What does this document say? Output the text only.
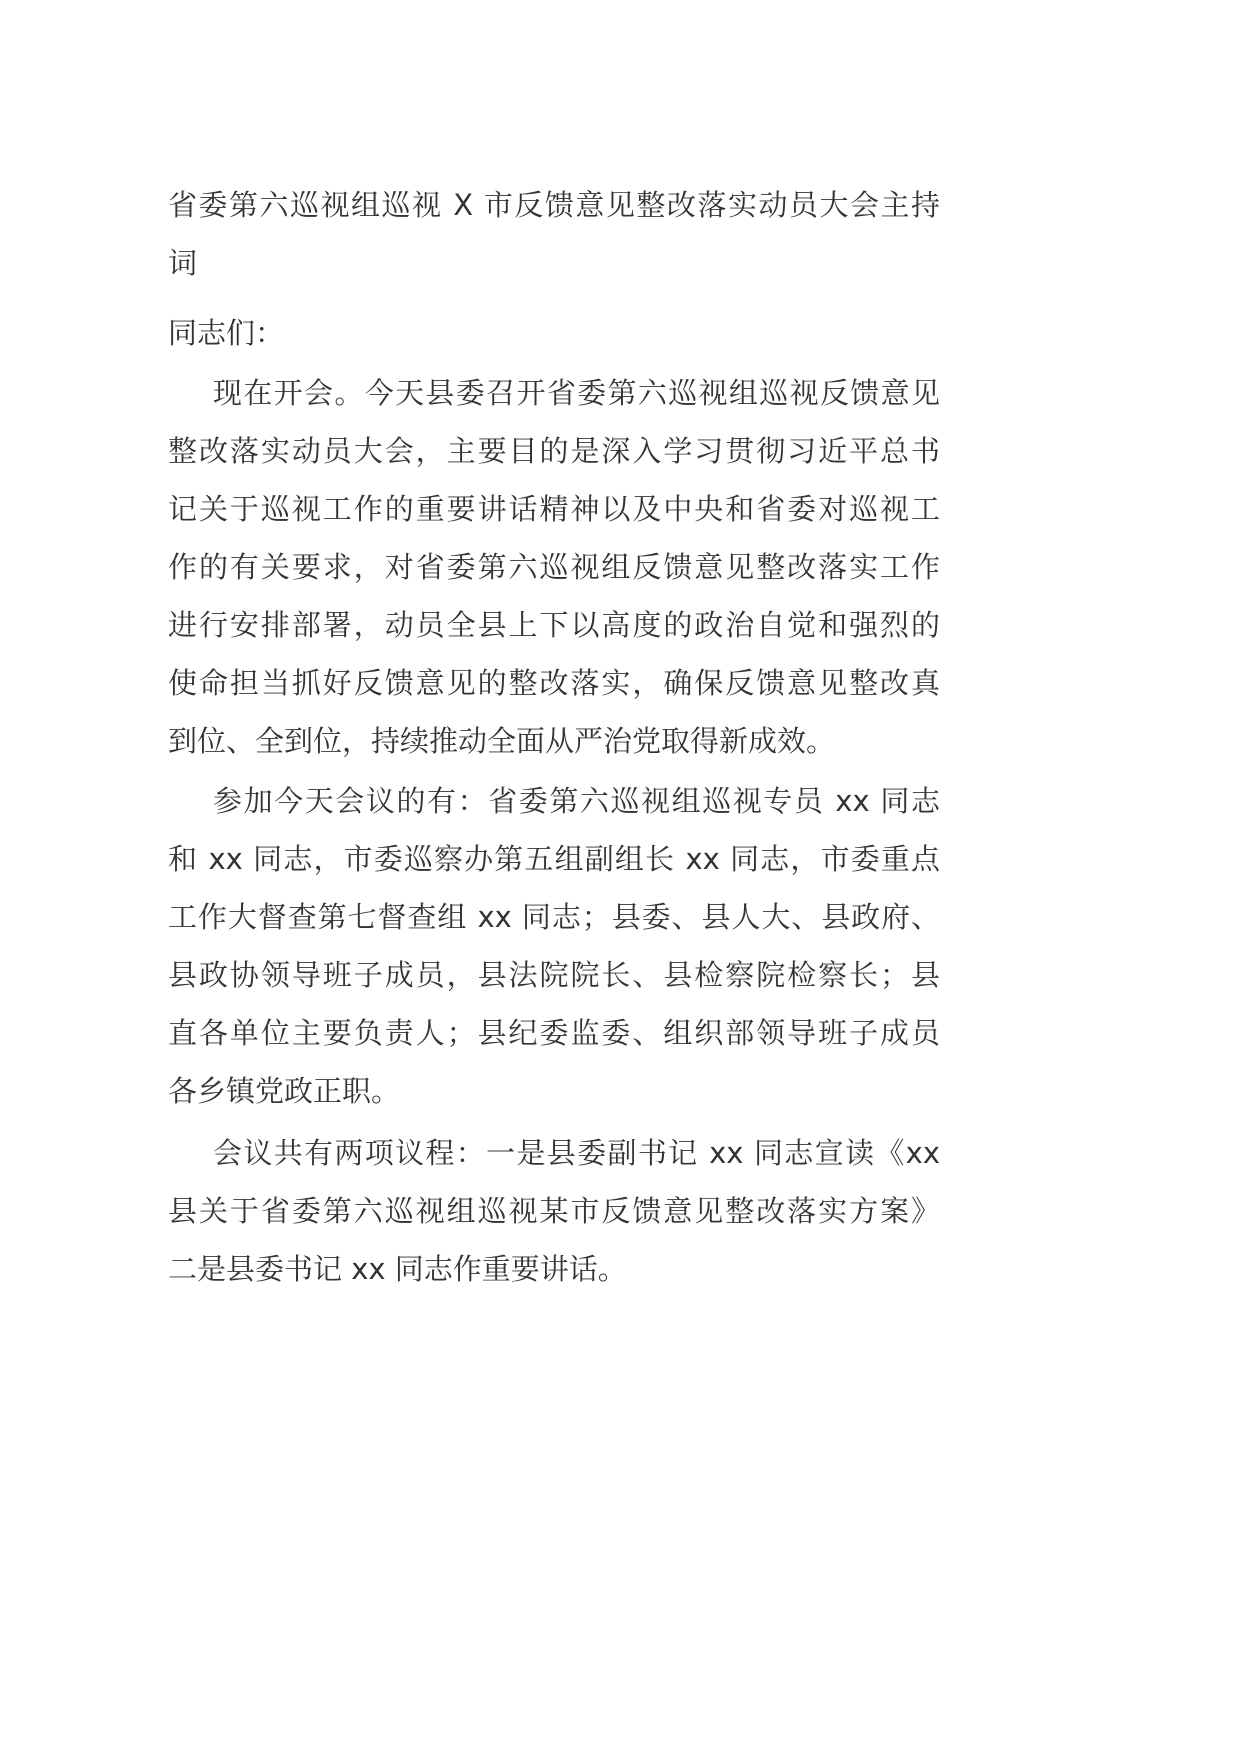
省委第六巡视组巡视 X 市反馈意见整改落实动员大会主持
词
同志们：
现在开会。今天县委召开省委第六巡视组巡视反馈意见
整改落实动员大会，主要目的是深入学习贯彻习近平总书
记关于巡视工作的重要讲话精神以及中央和省委对巡视工
作的有关要求，对省委第六巡视组反馈意见整改落实工作
进行安排部署，动员全县上下以高度的政治自觉和强烈的
使命担当抓好反馈意见的整改落实，确保反馈意见整改真
到位、全到位，持续推动全面从严治党取得新成效。
参加今天会议的有：省委第六巡视组巡视专员 xx 同志
和 xx 同志，市委巡察办第五组副组长 xx 同志，市委重点
工作大督查第七督查组 xx 同志；县委、县人大、县政府、
县政协领导班子成员，县法院院长、县检察院检察长；县
直各单位主要负责人；县纪委监委、组织部领导班子成员
各乡镇党政正职。
会议共有两项议程：一是县委副书记 xx 同志宣读《xx
县关于省委第六巡视组巡视某市反馈意见整改落实方案》
二是县委书记 xx 同志作重要讲话。
